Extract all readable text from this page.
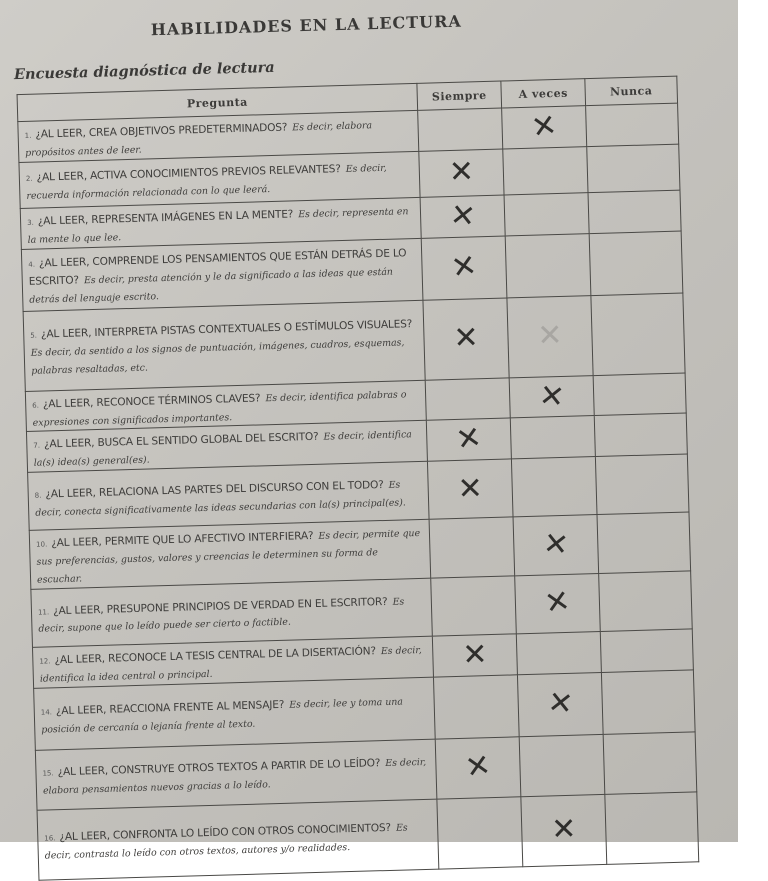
HABILIDADES EN LA LECTURA
Encuesta diagnóstica de lectura
Pregunta	Siempre	A veces	Nunca
1. ¿AL LEER, CREA OBJETIVOS PREDETERMINADOS? Es decir, elabora propósitos antes de leer.		✕	
2. ¿AL LEER, ACTIVA CONOCIMIENTOS PREVIOS RELEVANTES? Es decir, recuerda información relacionada con lo que leerá.	✕		
3. ¿AL LEER, REPRESENTA IMÁGENES EN LA MENTE? Es decir, representa en la mente lo que lee.	✕		
4. ¿AL LEER, COMPRENDE LOS PENSAMIENTOS QUE ESTÁN DETRÁS DE LO ESCRITO? Es decir, presta atención y le da significado a las ideas que están detrás del lenguaje escrito.	✕		
5. ¿AL LEER, INTERPRETA PISTAS CONTEXTUALES O ESTÍMULOS VISUALES? Es decir, da sentido a los signos de puntuación, imágenes, cuadros, esquemas, palabras resaltadas, etc.	✕	✕	
6. ¿AL LEER, RECONOCE TÉRMINOS CLAVES? Es decir, identifica palabras o expresiones con significados importantes.		✕	
7. ¿AL LEER, BUSCA EL SENTIDO GLOBAL DEL ESCRITO? Es decir, identifica la(s) idea(s) general(es).	✕		
8. ¿AL LEER, RELACIONA LAS PARTES DEL DISCURSO CON EL TODO? Es decir, conecta significativamente las ideas secundarias con la(s) principal(es).	✕		
10. ¿AL LEER, PERMITE QUE LO AFECTIVO INTERFIERA? Es decir, permite que sus preferencias, gustos, valores y creencias le determinen su forma de escuchar.		✕	
11. ¿AL LEER, PRESUPONE PRINCIPIOS DE VERDAD EN EL ESCRITOR? Es decir, supone que lo leído puede ser cierto o factible.		✕	
12. ¿AL LEER, RECONOCE LA TESIS CENTRAL DE LA DISERTACIÓN? Es decir, identifica la idea central o principal.	✕		
14. ¿AL LEER, REACCIONA FRENTE AL MENSAJE? Es decir, lee y toma una posición de cercanía o lejanía frente al texto.		✕	
15. ¿AL LEER, CONSTRUYE OTROS TEXTOS A PARTIR DE LO LEÍDO? Es decir, elabora pensamientos nuevos gracias a lo leído.	✕		
16. ¿AL LEER, CONFRONTA LO LEÍDO CON OTROS CONOCIMIENTOS? Es decir, contrasta lo leído con otros textos, autores y/o realidades.		✕	
